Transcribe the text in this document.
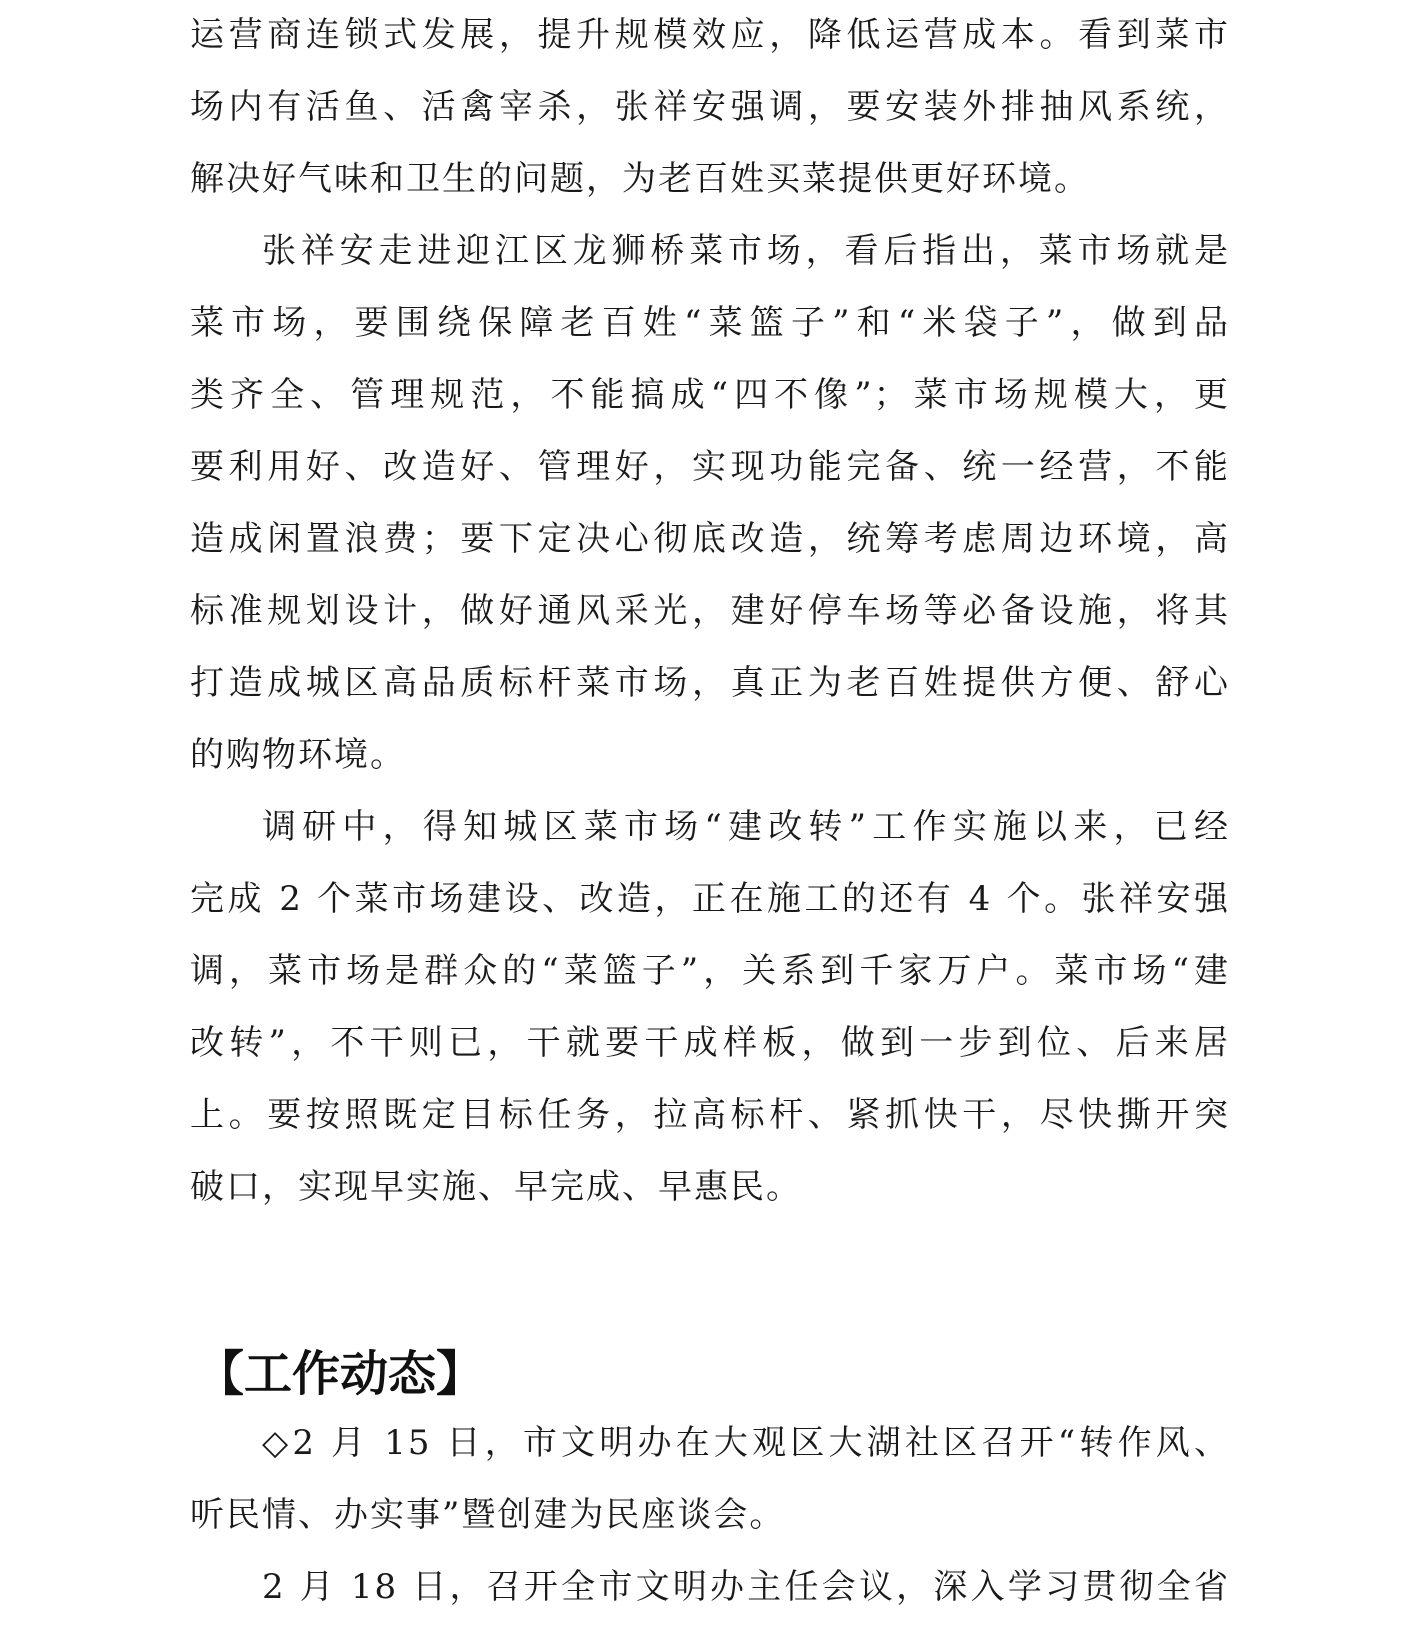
运营商连锁式发展，提升规模效应，降低运营成本。看到菜市
场内有活鱼、活禽宰杀，张祥安强调，要安装外排抽风系统，
解决好气味和卫生的问题，为老百姓买菜提供更好环境。
张祥安走进迎江区龙狮桥菜市场，看后指出，菜市场就是
菜市场，要围绕保障老百姓“菜篮子”和“米袋子”，做到品
类齐全、管理规范，不能搞成“四不像”；菜市场规模大，更
要利用好、改造好、管理好，实现功能完备、统一经营，不能
造成闲置浪费；要下定决心彻底改造，统筹考虑周边环境，高
标准规划设计，做好通风采光，建好停车场等必备设施，将其
打造成城区高品质标杆菜市场，真正为老百姓提供方便、舒心
的购物环境。
调研中，得知城区菜市场“建改转”工作实施以来，已经
完成 2 个菜市场建设、改造，正在施工的还有 4 个。张祥安强
调，菜市场是群众的“菜篮子”，关系到千家万户。菜市场“建
改转”，不干则已，干就要干成样板，做到一步到位、后来居
上。要按照既定目标任务，拉高标杆、紧抓快干，尽快撕开突
破口，实现早实施、早完成、早惠民。
【工作动态】
◇2 月 15 日，市文明办在大观区大湖社区召开“转作风、
听民情、办实事”暨创建为民座谈会。
2 月 18 日，召开全市文明办主任会议，深入学习贯彻全省
